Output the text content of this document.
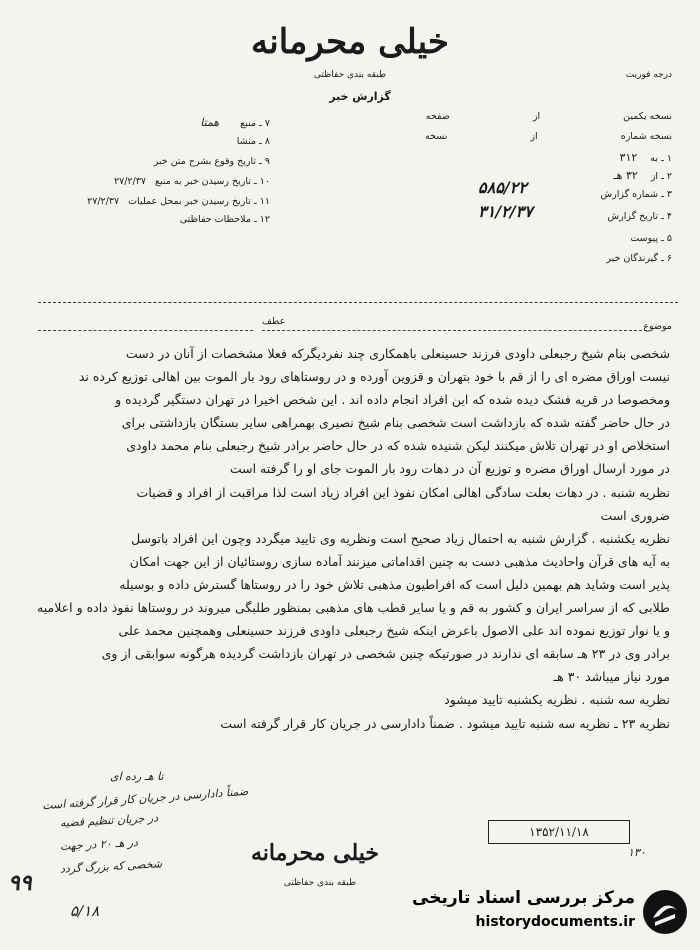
خیلی محرمانه
طبقه بندی حفاظتی	درجه فوریت
گزارش خبر
۷ ـ منبع همتا
۸ ـ منشا
۹ ـ تاریخ وقوع بشرح متن خبر
۱۰ ـ تاریخ رسیدن خبر به منبع ۲۷/۲/۳۷
۱۱ ـ تاریخ رسیدن خبر بمحل عملیات ۲۷/۲/۳۷
۱۲ ـ ملاحظات حفاظتی
نسخه یکمین از صفحه
نسخه شماره از نسخه
۱ ـ به ۳۱۲
۲ ـ از ۳۲ هـ
۳ ـ شماره گزارش
۵۸۵/۲۲
۴ ـ تاریخ گزارش
۳۱/۲/۳۷
۵ ـ پیوست
۶ ـ گیرندگان خبر
موضوع
عطف

شخصی بنام شیخ رجبعلی داودی فرزند حسینعلی باهمکاری چند نفردیگرکه فعلا مشخصات از آنان در دست

نیست اوراق مضره ای را از قم با خود بتهران و قزوین آورده و در روستاهای رود بار الموت بین اهالی توزیع کرده ند

ومخصوصا در قریه فشک دیده شده که این افراد انجام داده اند . این شخص اخیرا در تهران دستگیر گردیده و

در حال حاضر گفته شده که بازداشت است شخصی بنام شیخ نصیری بهمراهی سایر بستگان بازداشتی برای

استخلاص او در تهران تلاش میکنند لیکن شنیده شده که در حال حاضر برادر شیخ رجبعلی بنام محمد داودی

در مورد ارسال اوراق مضره و توزیع آن در دهات رود بار الموت جای او را گرفته است

نظریه شنبه . در دهات بعلت سادگی اهالی امکان نفوذ این افراد زیاد است لذا مراقبت از افراد و قضیات

ضروری است

نظریه یکشنبه . گزارش شنبه به احتمال زیاد صحیح است ونظریه وی تایید میگردد وچون این افراد باتوسل

به آیه های قرآن واحادیث مذهبی دست به چنین اقداماتی میزنند آماده سازی روستائیان از این جهت امکان

پذیر است وشاید هم بهمین دلیل است که افراطیون مذهبی تلاش خود را در روستاها گسترش داده و بوسیله

طلابی که از سراسر ایران و کشور به قم و یا سایر قطب های مذهبی بمنظور طلبگی میروند در روستاها نفوذ داده و اعلامیه

و یا نوار توزیع نموده اند علی الاصول باعرض اینکه شیخ رجبعلی داودی فرزند حسینعلی وهمچنین محمد علی

برادر وی در ۲۳ هـ سابقه ای ندارند در صورتیکه چنین شخصی در تهران بازداشت گردیده هرگونه سوابقی از وی

مورد نیاز میباشد ۳۰ هـ

نظریه سه شنبه . نظریه یکشنبه تایید میشود

نظریه ۲۳ ـ نظریه سه شنبه تایید میشود . ضمناً دادارسی در جریان کار قرار گرفته است

تا هـ رده ای
ضمناً دادارسی در جریان کار قرار گرفته است
در جریان تنظیم قضیه
در هـ ۲۰ در جهت
شخصی که بزرگ گردد
۹۹
۵/۱۸
خیلی محرمانه
طبقه بندی حفاظتی
۱۳۵۲/۱۱/۱۸
۱۳۰
مرکز بررسی اسناد تاریخی
historydocuments.ir
